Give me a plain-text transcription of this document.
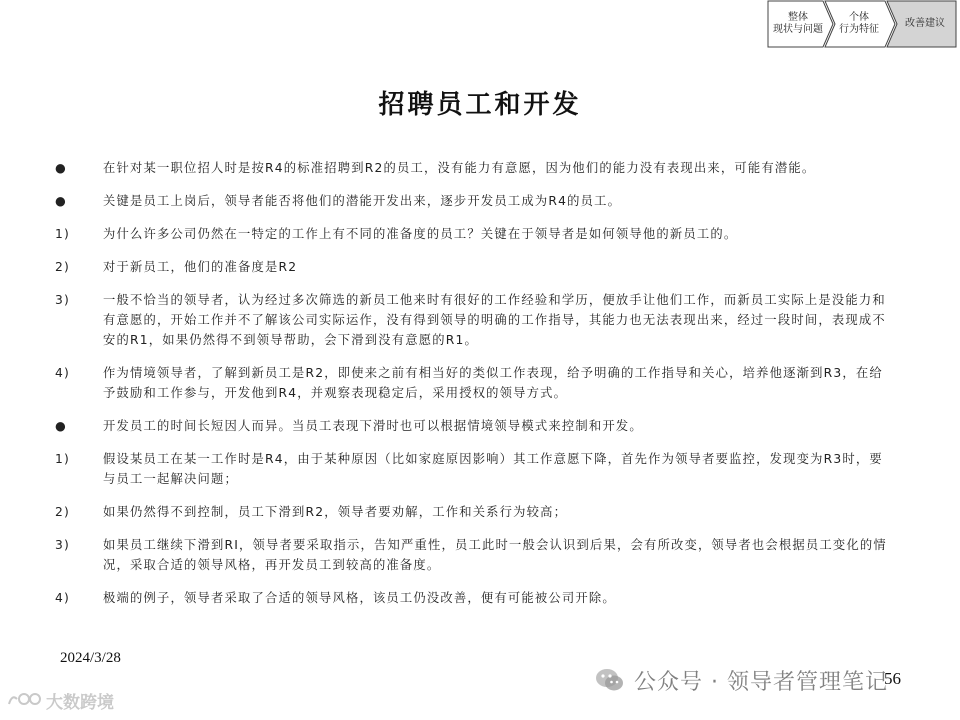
整体
现状与问题
个体
行为特征
改善建议
招聘员工和开发
●	在针对某一职位招人时是按R4的标准招聘到R2的员工，没有能力有意愿，因为他们的能力没有表现出来，可能有潜能。
●	关键是员工上岗后，领导者能否将他们的潜能开发出来，逐步开发员工成为R4的员工。
1)	为什么许多公司仍然在一特定的工作上有不同的准备度的员工？关键在于领导者是如何领导他的新员工的。
2)	对于新员工，他们的准备度是R2
3)	一般不恰当的领导者，认为经过多次筛选的新员工他来时有很好的工作经验和学历，便放手让他们工作，而新员工实际上是没能力和有意愿的，开始工作并不了解该公司实际运作，没有得到领导的明确的工作指导，其能力也无法表现出来，经过一段时间，表现成不安的R1，如果仍然得不到领导帮助，会下滑到没有意愿的R1。
4)	作为情境领导者，了解到新员工是R2，即使来之前有相当好的类似工作表现，给予明确的工作指导和关心，培养他逐渐到R3，在给予鼓励和工作参与，开发他到R4，并观察表现稳定后，采用授权的领导方式。
●	开发员工的时间长短因人而异。当员工表现下滑时也可以根据情境领导模式来控制和开发。
1)	假设某员工在某一工作时是R4，由于某种原因（比如家庭原因影响）其工作意愿下降，首先作为领导者要监控，发现变为R3时，要与员工一起解决问题；
2)	如果仍然得不到控制，员工下滑到R2，领导者要劝解，工作和关系行为较高；
3)	如果员工继续下滑到RI，领导者要采取指示，告知严重性，员工此时一般会认识到后果，会有所改变，领导者也会根据员工变化的情况，采取合适的领导风格，再开发员工到较高的准备度。
4)	极端的例子，领导者采取了合适的领导风格，该员工仍没改善，便有可能被公司开除。
2024/3/28
公众号 · 领导者管理笔记
56
大数跨境
